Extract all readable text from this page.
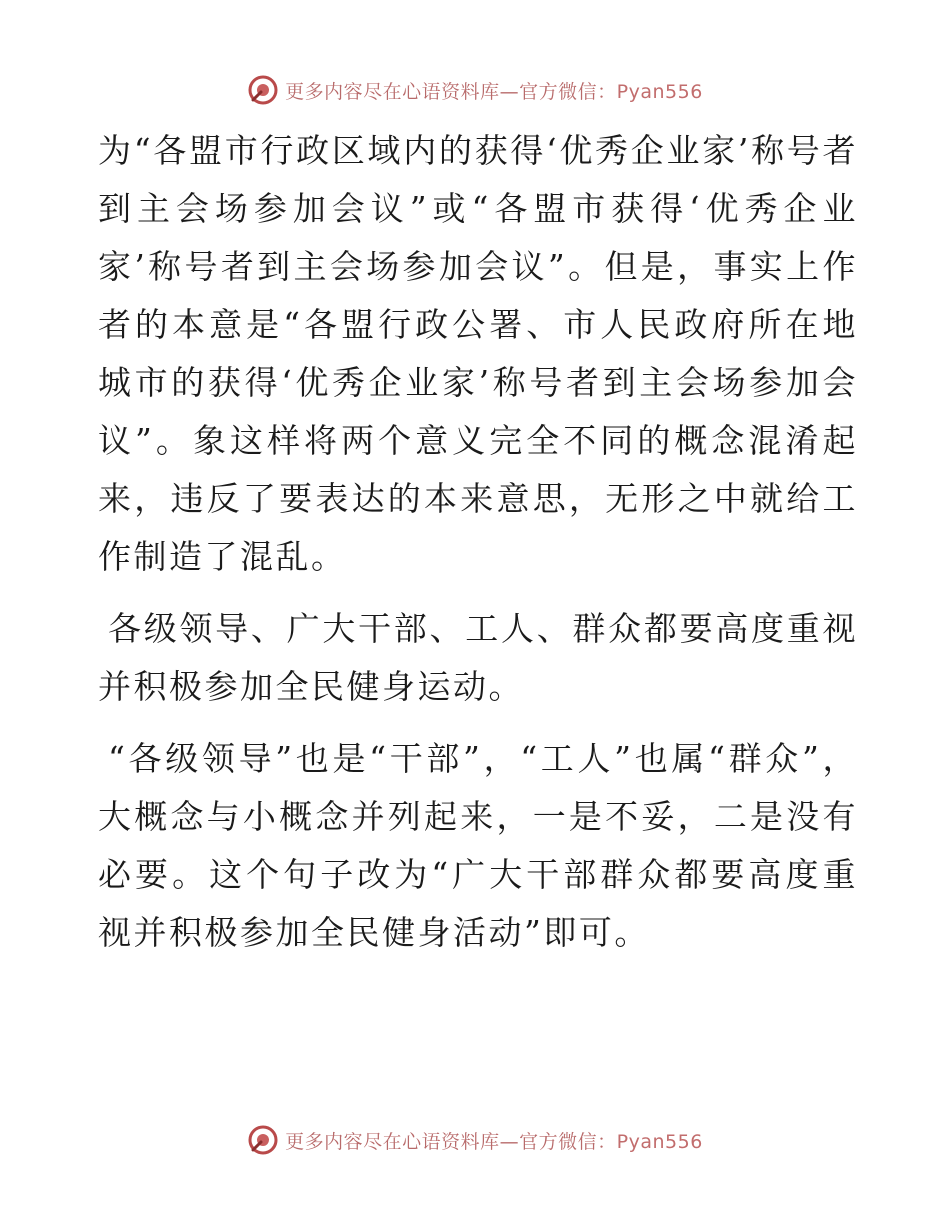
更多内容尽在心语资料库—官方微信：Pyan556

为“各盟市行政区域内的获得‘优秀企业家’称号者到主会场参加会议”或“各盟市获得‘优秀企业家’称号者到主会场参加会议”。但是，事实上作者的本意是“各盟行政公署、市人民政府所在地城市的获得‘优秀企业家’称号者到主会场参加会议”。象这样将两个意义完全不同的概念混淆起来，违反了要表达的本来意思，无形之中就给工作制造了混乱。

各级领导、广大干部、工人、群众都要高度重视并积极参加全民健身运动。

“各级领导”也是“干部”，“工人”也属“群众”，大概念与小概念并列起来，一是不妥，二是没有必要。这个句子改为“广大干部群众都要高度重视并积极参加全民健身活动”即可。

更多内容尽在心语资料库—官方微信：Pyan556
